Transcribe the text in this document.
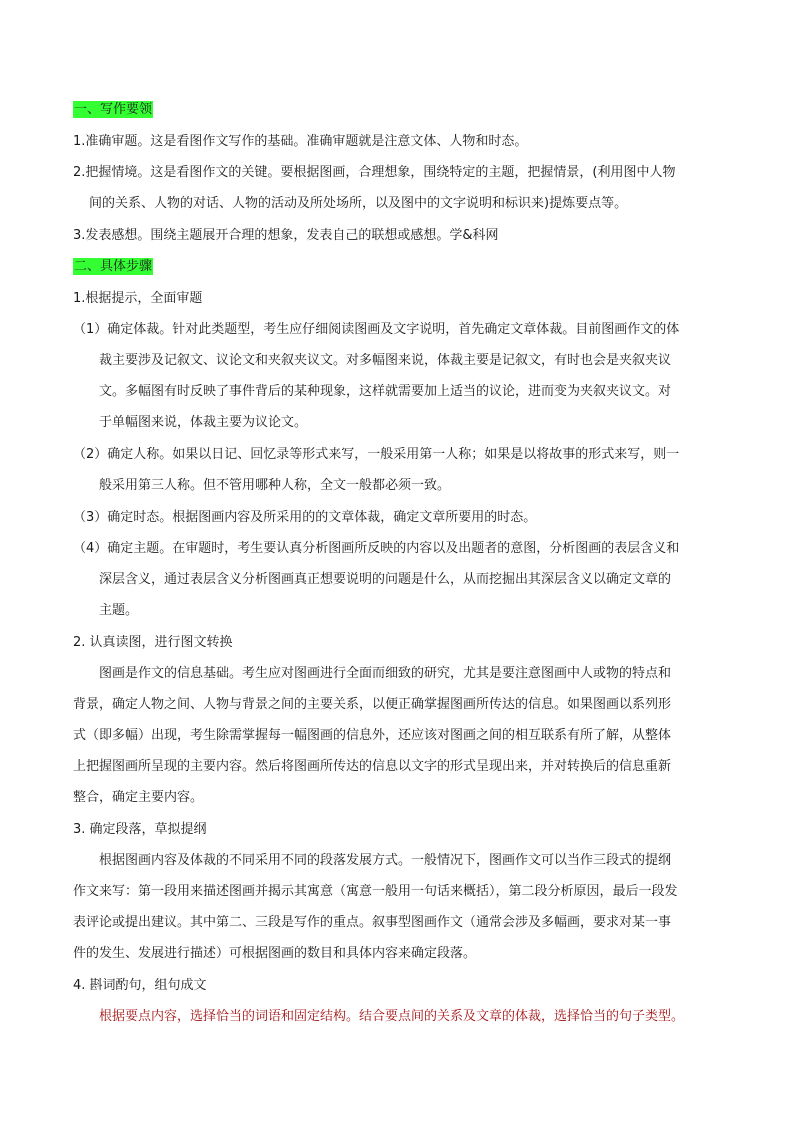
一、写作要领
1.准确审题。这是看图作文写作的基础。准确审题就是注意文体、人物和时态。
2.把握情境。这是看图作文的关键。要根据图画，合理想象，围绕特定的主题，把握情景，(利用图中人物
间的关系、人物的对话、人物的活动及所处场所，以及图中的文字说明和标识来)提炼要点等。
3.发表感想。围绕主题展开合理的想象，发表自己的联想或感想。学&科网
二、具体步骤
1.根据提示，全面审题
（1）确定体裁。针对此类题型，考生应仔细阅读图画及文字说明，首先确定文章体裁。目前图画作文的体
裁主要涉及记叙文、议论文和夹叙夹议文。对多幅图来说，体裁主要是记叙文，有时也会是夹叙夹议
文。多幅图有时反映了事件背后的某种现象，这样就需要加上适当的议论，进而变为夹叙夹议文。对
于单幅图来说，体裁主要为议论文。
（2）确定人称。如果以日记、回忆录等形式来写，一般采用第一人称；如果是以将故事的形式来写，则一
般采用第三人称。但不管用哪种人称，全文一般都必须一致。
（3）确定时态。根据图画内容及所采用的的文章体裁，确定文章所要用的时态。
（4）确定主题。在审题时，考生要认真分析图画所反映的内容以及出题者的意图，分析图画的表层含义和
深层含义，通过表层含义分析图画真正想要说明的问题是什么，从而挖掘出其深层含义以确定文章的
主题。
2. 认真读图，进行图文转换
图画是作文的信息基础。考生应对图画进行全面而细致的研究，尤其是要注意图画中人或物的特点和
背景，确定人物之间、人物与背景之间的主要关系，以便正确掌握图画所传达的信息。如果图画以系列形
式（即多幅）出现，考生除需掌握每一幅图画的信息外，还应该对图画之间的相互联系有所了解，从整体
上把握图画所呈现的主要内容。然后将图画所传达的信息以文字的形式呈现出来，并对转换后的信息重新
整合，确定主要内容。
3. 确定段落，草拟提纲
根据图画内容及体裁的不同采用不同的段落发展方式。一般情况下，图画作文可以当作三段式的提纲
作文来写：第一段用来描述图画并揭示其寓意（寓意一般用一句话来概括），第二段分析原因，最后一段发
表评论或提出建议。其中第二、三段是写作的重点。叙事型图画作文（通常会涉及多幅画，要求对某一事
件的发生、发展进行描述）可根据图画的数目和具体内容来确定段落。
4. 斟词酌句，组句成文
根据要点内容，选择恰当的词语和固定结构。结合要点间的关系及文章的体裁，选择恰当的句子类型。
